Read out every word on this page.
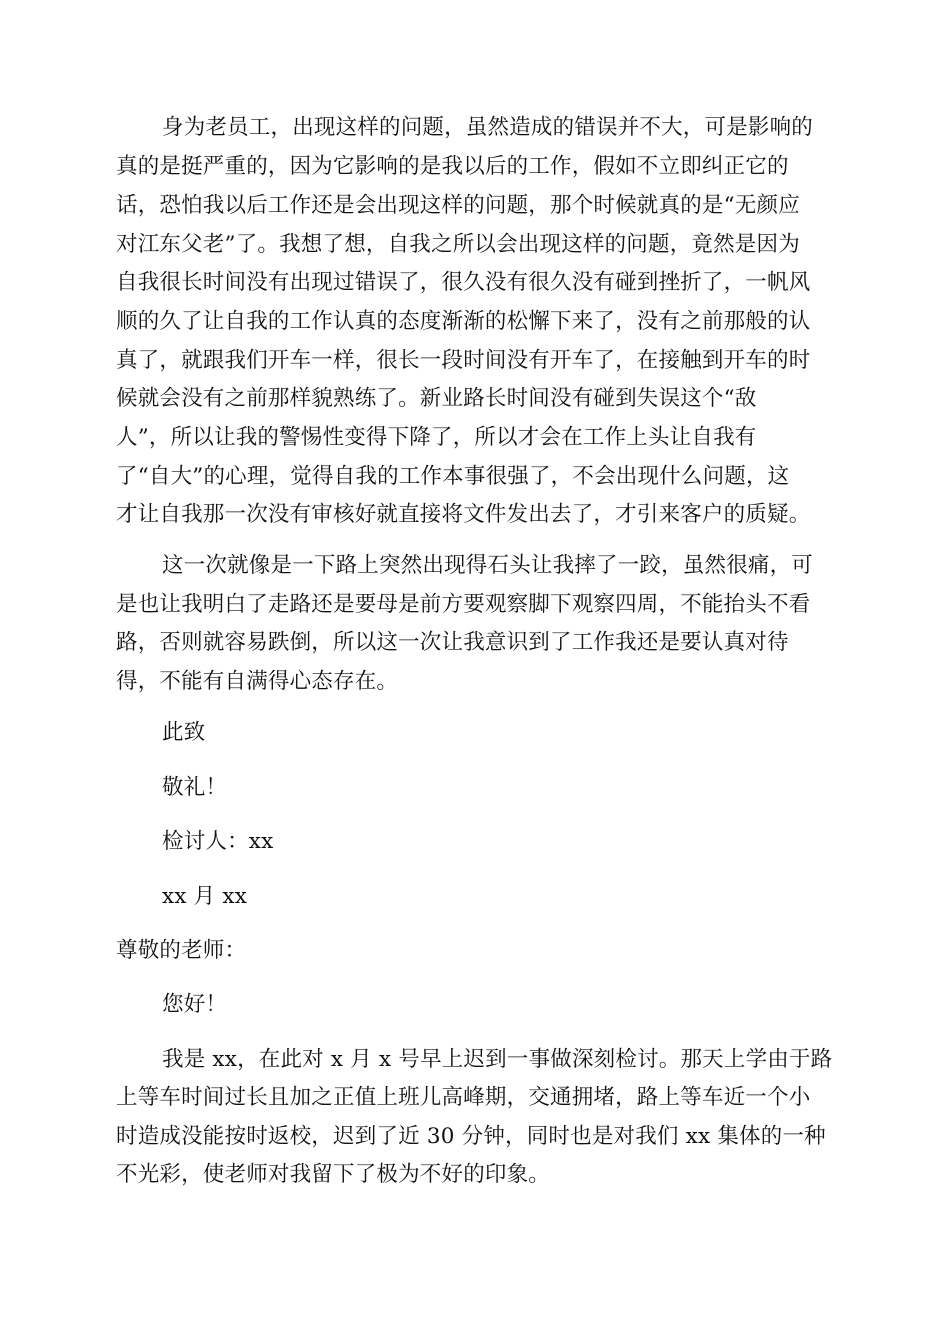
身为老员工，出现这样的问题，虽然造成的错误并不大，可是影响的
真的是挺严重的，因为它影响的是我以后的工作，假如不立即纠正它的
话，恐怕我以后工作还是会出现这样的问题，那个时候就真的是“无颜应
对江东父老”了。我想了想，自我之所以会出现这样的问题，竟然是因为
自我很长时间没有出现过错误了，很久没有很久没有碰到挫折了，一帆风
顺的久了让自我的工作认真的态度渐渐的松懈下来了，没有之前那般的认
真了，就跟我们开车一样，很长一段时间没有开车了，在接触到开车的时
候就会没有之前那样貌熟练了。新业路长时间没有碰到失误这个“敌
人”，所以让我的警惕性变得下降了，所以才会在工作上头让自我有
了“自大”的心理，觉得自我的工作本事很强了，不会出现什么问题，这
才让自我那一次没有审核好就直接将文件发出去了，才引来客户的质疑。
这一次就像是一下路上突然出现得石头让我摔了一跤，虽然很痛，可
是也让我明白了走路还是要母是前方要观察脚下观察四周，不能抬头不看
路，否则就容易跌倒，所以这一次让我意识到了工作我还是要认真对待
得，不能有自满得心态存在。
此致
敬礼！
检讨人：xx
xx 月 xx
尊敬的老师：
您好！
我是 xx，在此对 x 月 x 号早上迟到一事做深刻检讨。那天上学由于路
上等车时间过长且加之正值上班儿高峰期，交通拥堵，路上等车近一个小
时造成没能按时返校，迟到了近 30 分钟，同时也是对我们 xx 集体的一种
不光彩，使老师对我留下了极为不好的印象。
